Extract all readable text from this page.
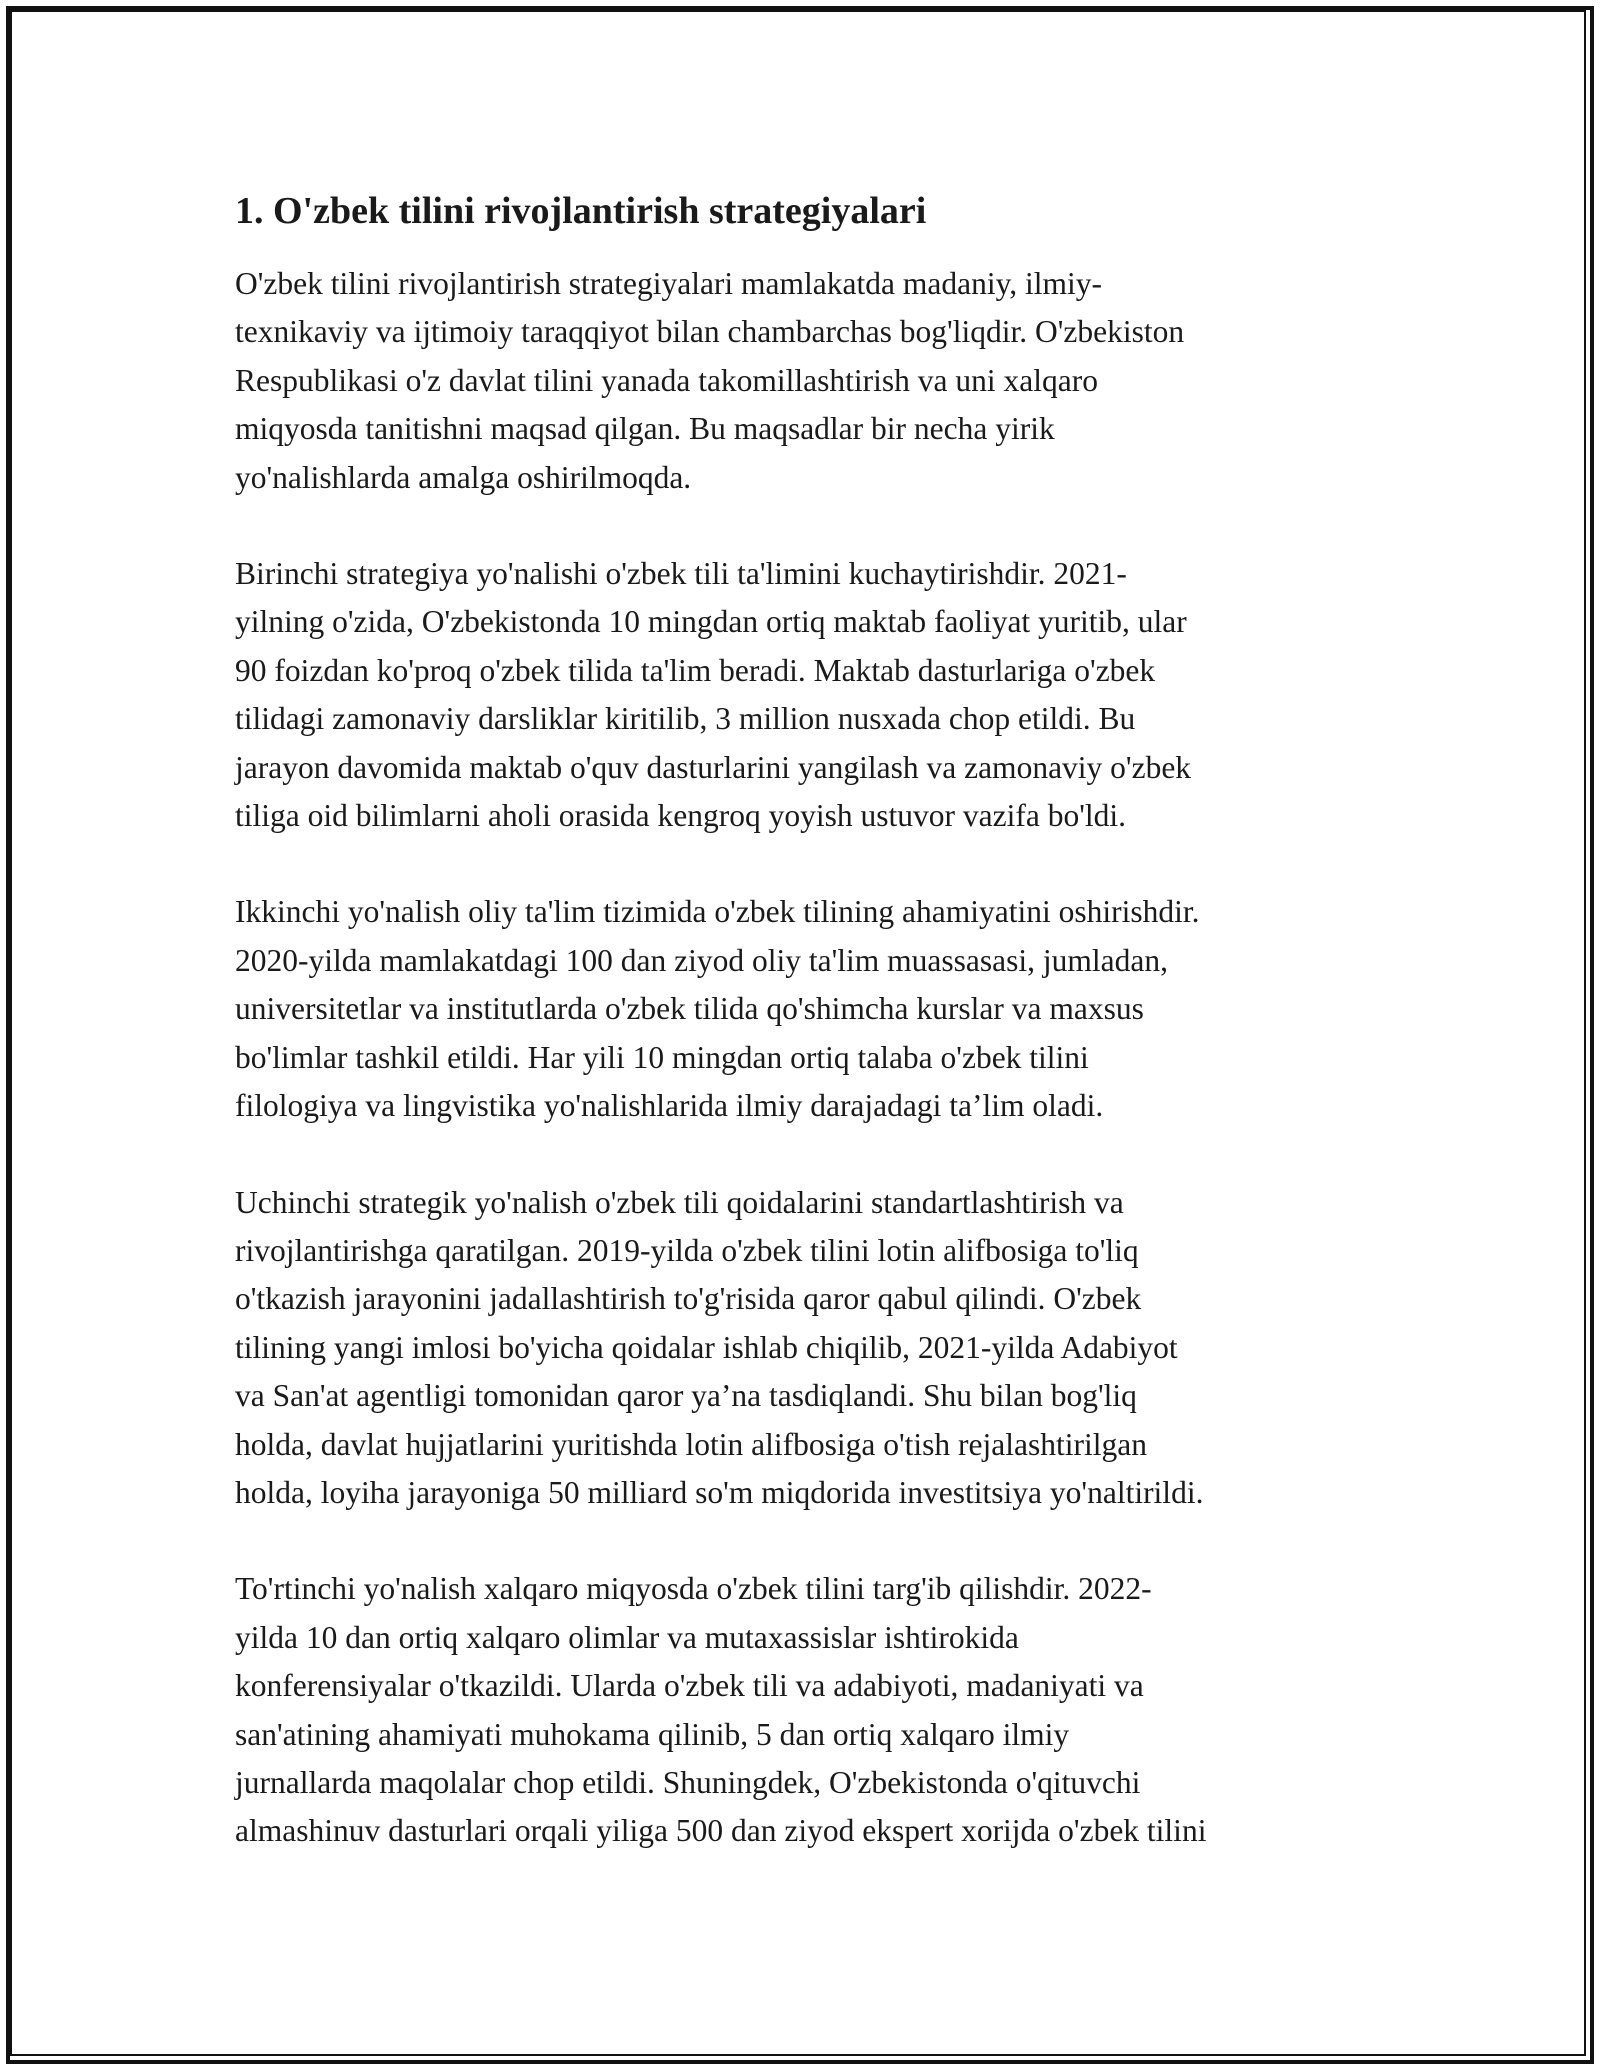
1. O'zbek tilini rivojlantirish strategiyalari

O'zbek tilini rivojlantirish strategiyalari mamlakatda madaniy, ilmiy-
texnikaviy va ijtimoiy taraqqiyot bilan chambarchas bog'liqdir. O'zbekiston
Respublikasi o'z davlat tilini yanada takomillashtirish va uni xalqaro
miqyosda tanitishni maqsad qilgan. Bu maqsadlar bir necha yirik
yo'nalishlarda amalga oshirilmoqda.

Birinchi strategiya yo'nalishi o'zbek tili ta'limini kuchaytirishdir. 2021-
yilning o'zida, O'zbekistonda 10 mingdan ortiq maktab faoliyat yuritib, ular
90 foizdan ko'proq o'zbek tilida ta'lim beradi. Maktab dasturlariga o'zbek
tilidagi zamonaviy darsliklar kiritilib, 3 million nusxada chop etildi. Bu
jarayon davomida maktab o'quv dasturlarini yangilash va zamonaviy o'zbek
tiliga oid bilimlarni aholi orasida kengroq yoyish ustuvor vazifa bo'ldi.

Ikkinchi yo'nalish oliy ta'lim tizimida o'zbek tilining ahamiyatini oshirishdir.
2020-yilda mamlakatdagi 100 dan ziyod oliy ta'lim muassasasi, jumladan,
universitetlar va institutlarda o'zbek tilida qo'shimcha kurslar va maxsus
bo'limlar tashkil etildi. Har yili 10 mingdan ortiq talaba o'zbek tilini
filologiya va lingvistika yo'nalishlarida ilmiy darajadagi ta’lim oladi.

Uchinchi strategik yo'nalish o'zbek tili qoidalarini standartlashtirish va
rivojlantirishga qaratilgan. 2019-yilda o'zbek tilini lotin alifbosiga to'liq
o'tkazish jarayonini jadallashtirish to'g'risida qaror qabul qilindi. O'zbek
tilining yangi imlosi bo'yicha qoidalar ishlab chiqilib, 2021-yilda Adabiyot
va San'at agentligi tomonidan qaror ya’na tasdiqlandi. Shu bilan bog'liq
holda, davlat hujjatlarini yuritishda lotin alifbosiga o'tish rejalashtirilgan
holda, loyiha jarayoniga 50 milliard so'm miqdorida investitsiya yo'naltirildi.

To'rtinchi yo'nalish xalqaro miqyosda o'zbek tilini targ'ib qilishdir. 2022-
yilda 10 dan ortiq xalqaro olimlar va mutaxassislar ishtirokida
konferensiyalar o'tkazildi. Ularda o'zbek tili va adabiyoti, madaniyati va
san'atining ahamiyati muhokama qilinib, 5 dan ortiq xalqaro ilmiy
jurnallarda maqolalar chop etildi. Shuningdek, O'zbekistonda o'qituvchi
almashinuv dasturlari orqali yiliga 500 dan ziyod ekspert xorijda o'zbek tilini
